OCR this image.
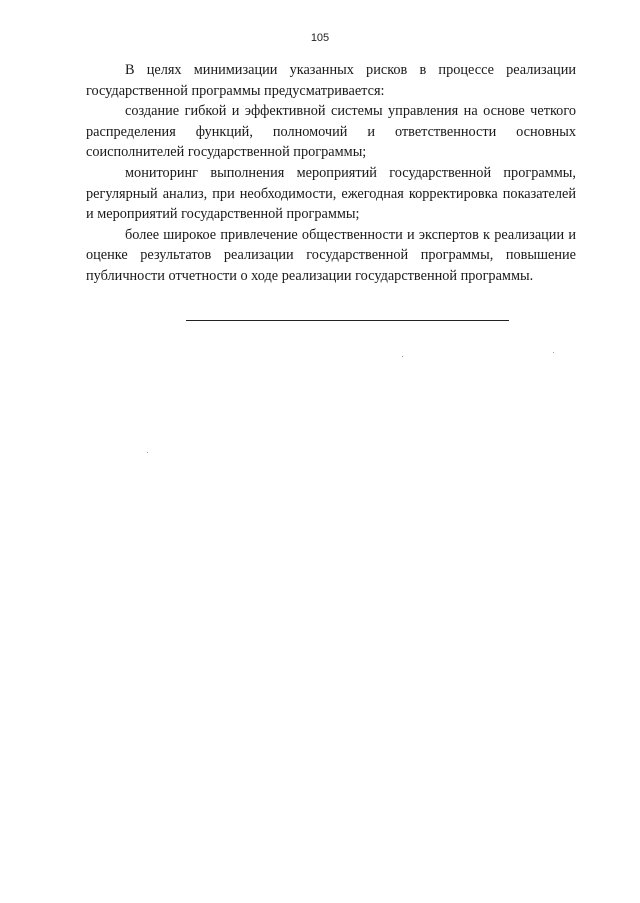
105

В целях минимизации указанных рисков в процессе реализации государственной программы предусматривается:

создание гибкой и эффективной системы управления на основе четкого распределения функций, полномочий и ответственности основных соисполнителей государственной программы;

мониторинг выполнения мероприятий государственной программы, регулярный анализ, при необходимости, ежегодная корректировка показателей и мероприятий государственной программы;

более широкое привлечение общественности и экспертов к реализации и оценке результатов реализации государственной программы, повышение публичности отчетности о ходе реализации государственной программы.
